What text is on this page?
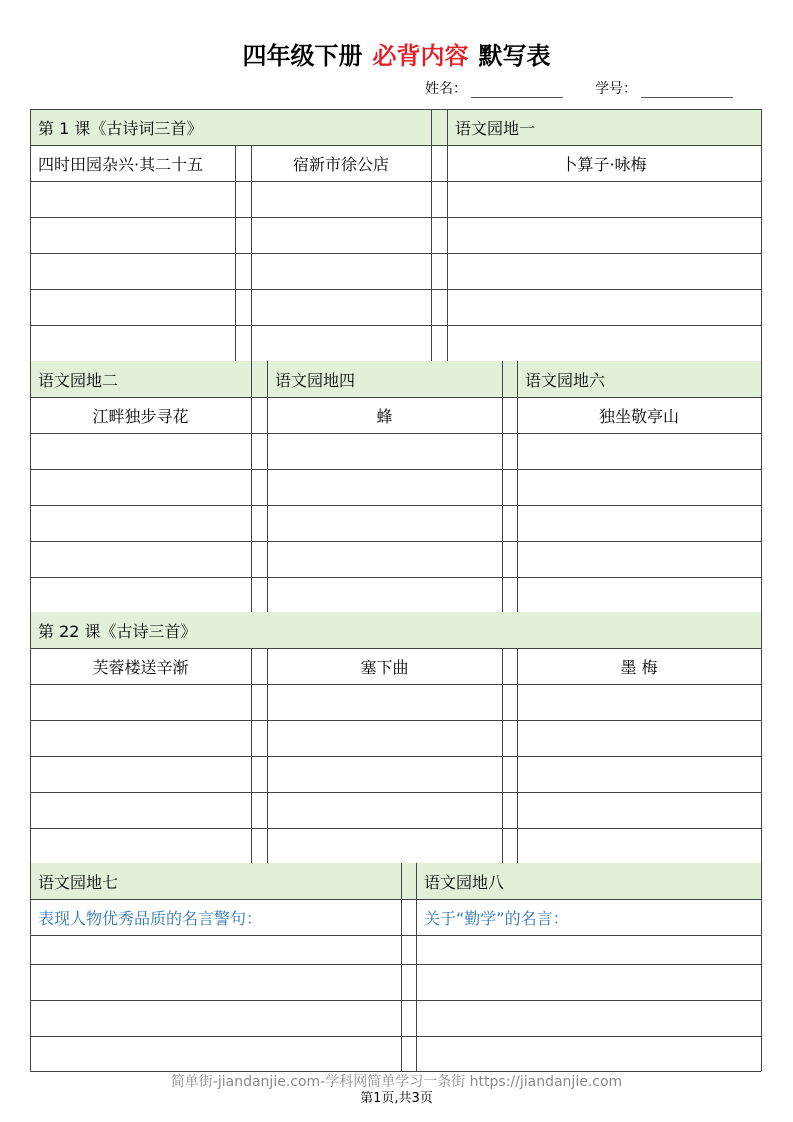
四年级下册 必背内容 默写表
姓名：	学号：
第 1 课《古诗词三首》	语文园地一
四时田园杂兴·其二十五	宿新市徐公店	卜算子·咏梅
语文园地二	语文园地四	语文园地六
江畔独步寻花	蜂	独坐敬亭山
第 22 课《古诗三首》
芙蓉楼送辛渐	塞下曲	墨 梅
语文园地七	语文园地八
表现人物优秀品质的名言警句：	关于“勤学”的名言：
简单街-jiandanjie.com-学科网简单学习一条街 https://jiandanjie.com
第1页,共3页
